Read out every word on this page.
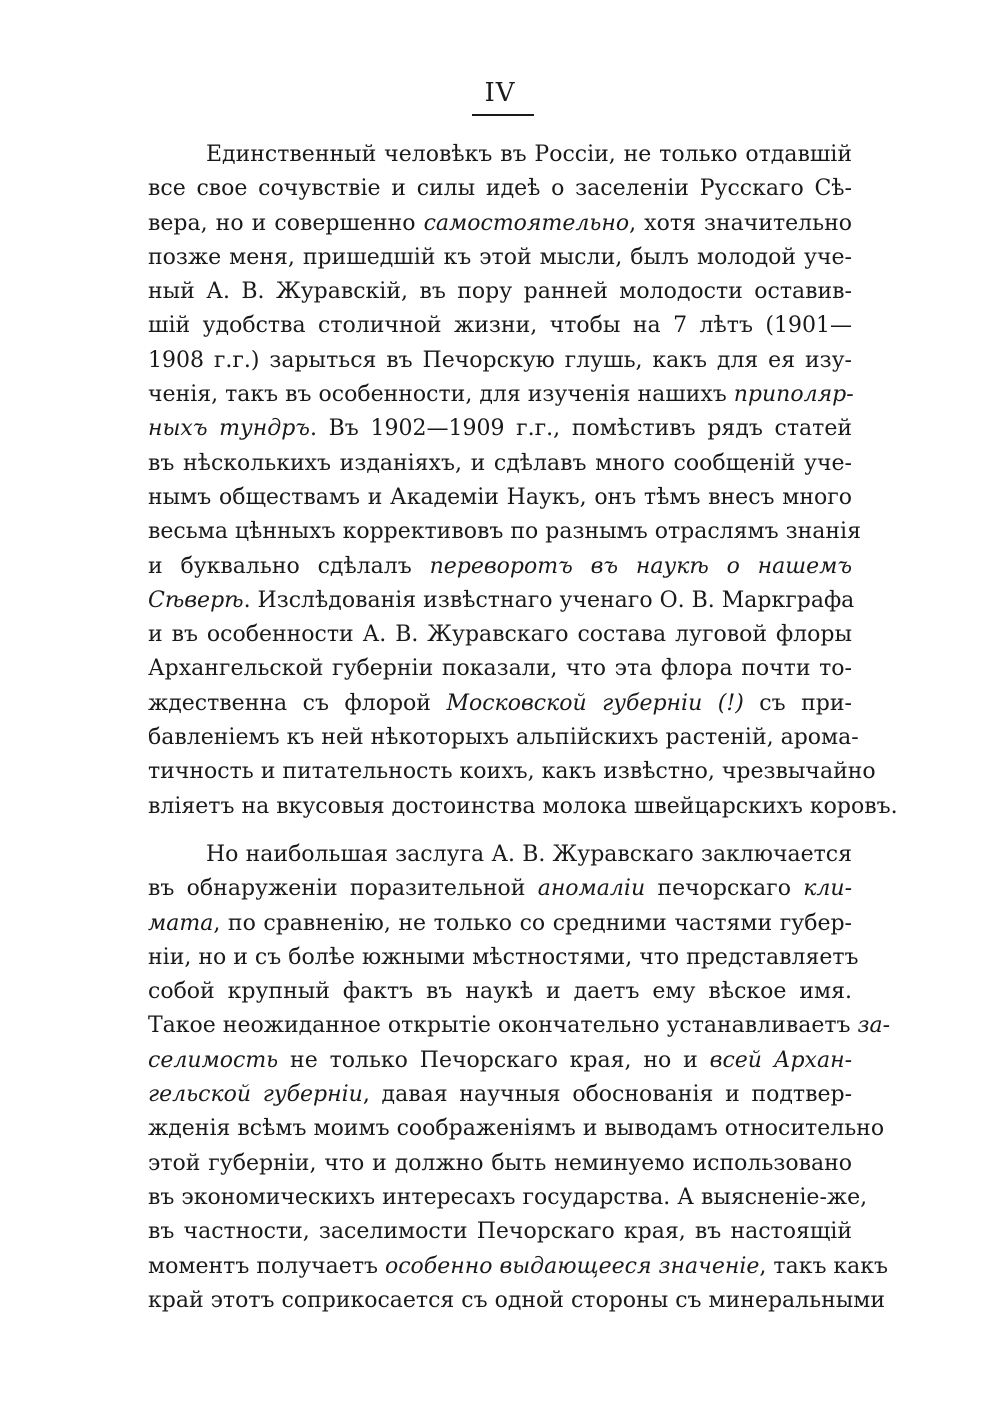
IV
Единственный человѣкъ въ Россіи, не только отдавшій
все свое сочувствіе и силы идеѣ о заселеніи Русскаго Сѣ-
вера, но и совершенно самостоятельно, хотя значительно
позже меня, пришедшій къ этой мысли, былъ молодой уче-
ный А. В. Журавскій, въ пору ранней молодости оставив-
шій удобства столичной жизни, чтобы на 7 лѣтъ (1901—
1908 г.г.) зарыться въ Печорскую глушь, какъ для ея изу-
ченія, такъ въ особенности, для изученія нашихъ приполяр-
ныхъ тундръ. Въ 1902—1909 г.г., помѣстивъ рядъ статей
въ нѣсколькихъ изданіяхъ, и сдѣлавъ много сообщеній уче-
нымъ обществамъ и Академіи Наукъ, онъ тѣмъ внесъ много
весьма цѣнныхъ коррективовъ по разнымъ отраслямъ знанія
и буквально сдѣлалъ переворотъ въ наукѣ о нашемъ
Сѣверѣ. Изслѣдованія извѣстнаго ученаго О. В. Маркграфа
и въ особенности А. В. Журавскаго состава луговой флоры
Архангельской губерніи показали, что эта флора почти то-
ждественна съ флорой Московской губерніи (!) съ при-
бавленіемъ къ ней нѣкоторыхъ альпійскихъ растеній, арома-
тичность и питательность коихъ, какъ извѣстно, чрезвычайно
вліяетъ на вкусовыя достоинства молока швейцарскихъ коровъ.
Но наибольшая заслуга А. В. Журавскаго заключается
въ обнаруженіи поразительной аномаліи печорскаго кли-
мата, по сравненію, не только со средними частями губер-
ніи, но и съ болѣе южными мѣстностями, что представляетъ
собой крупный фактъ въ наукѣ и даетъ ему вѣское имя.
Такое неожиданное открытіе окончательно устанавливаетъ за-
селимость не только Печорскаго края, но и всей Архан-
гельской губерніи, давая научныя обоснованія и подтвер-
жденія всѣмъ моимъ соображеніямъ и выводамъ относительно
этой губерніи, что и должно быть неминуемо использовано
въ экономическихъ интересахъ государства. А выясненіе-же,
въ частности, заселимости Печорскаго края, въ настоящій
моментъ получаетъ особенно выдающееся значеніе, такъ какъ
край этотъ соприкосается съ одной стороны съ минеральными
